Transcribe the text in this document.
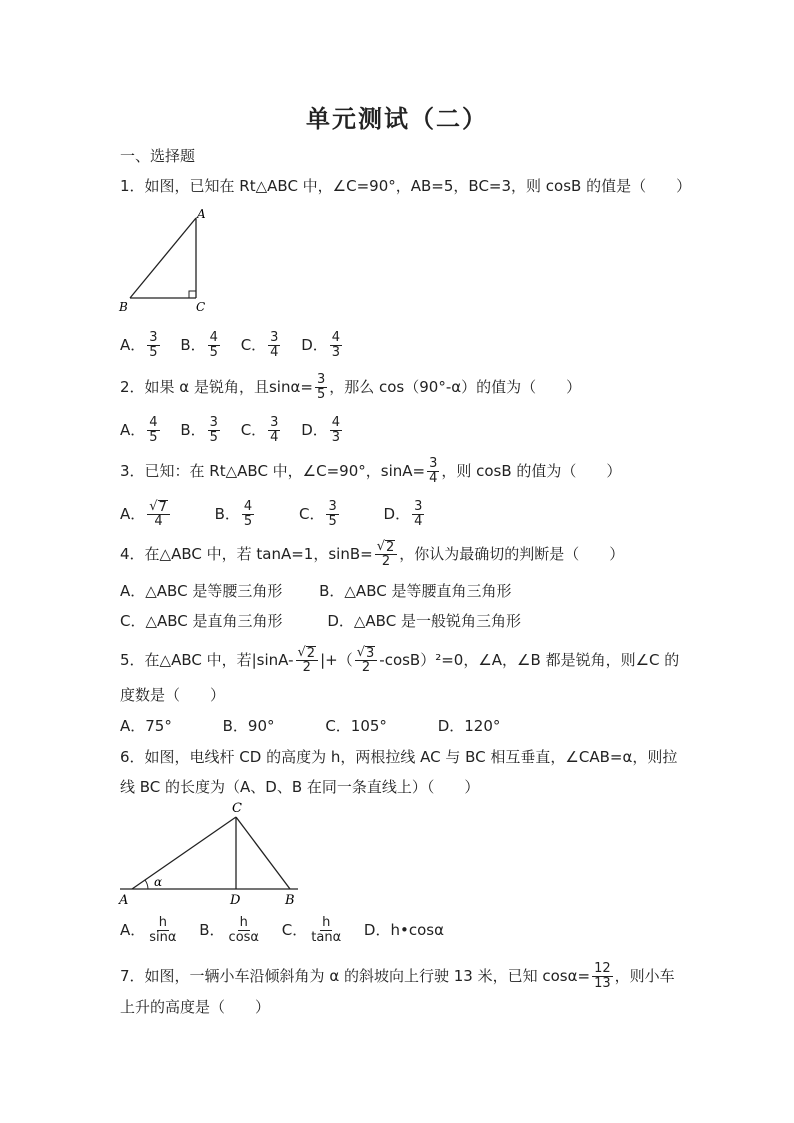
单元测试（二）
一、选择题
1．如图，已知在 Rt△ABC 中，∠C=90°，AB=5，BC=3，则 cosB 的值是（　　）
A
B	C
A． $\frac{3}{5}$ B． $\frac{4}{5}$ C． $\frac{3}{4}$ D． $\frac{4}{3}$
2．如果 α 是锐角，且$\sin\alpha= \frac{3}{5}$ ，那么 cos（90°-α）的值为（　　）
A． $\frac{4}{5}$ B． $\frac{3}{5}$ C． $\frac{3}{4}$ D． $\frac{4}{3}$
3．已知：在 Rt△ABC 中，∠C=90°，$\sin A= \frac{3}{4}$ ，则 cosB 的值为（　　）
A． $\frac{√ 7}{4}$	B． $\frac{4}{5}$	C． $\frac{3}{5}$	D． $\frac{3}{4}$
4．在△ABC 中，若 tanA=1，$\sin B= \frac{√ 2}{2}$ ，你认为最确切的判断是（　　）
A．△ABC 是等腰三角形 B．△ABC 是等腰直角三角形
C．△ABC 是直角三角形	D．△ABC 是一般锐角三角形
5．在△ABC 中，若$|\sin A- \frac{√ 2}{2}$ |+（ $\frac{√ 3}{2} -\cos B)^2=0$，∠A，∠B 都是锐角，则∠C 的
度数是（　　）
A．75°	B．90°	C．105°	D．120°
6．如图，电线杆 CD 的高度为 h，两根拉线 AC 与 BC 相互垂直，∠CAB=α，则拉
线 BC 的长度为（A、D、B 在同一条直线上）（　　）
C
A	D	B
α
A． $\frac{h}{\sin\alpha}$ B． $\frac{h}{\cos\alpha}$ C． $\frac{h}{\tan\alpha}$ D．h•cosα
7．如图，一辆小车沿倾斜角为 α 的斜坡向上行驶 13 米，已知 $\cos\alpha= \frac{12}{13}$ ，则小车
上升的高度是（　　）
